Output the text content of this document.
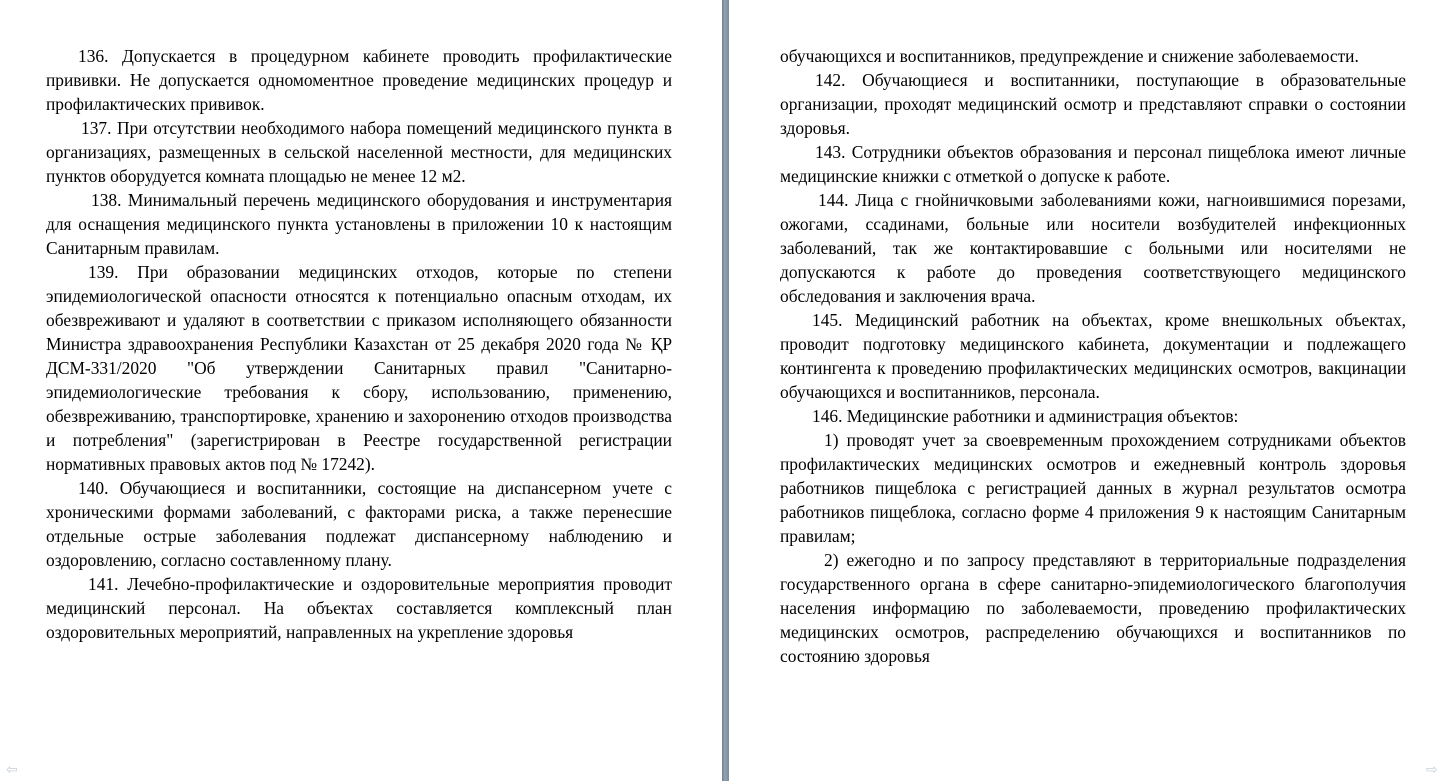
136. Допускается в процедурном кабинете проводить профилактические прививки. Не допускается одномоментное проведение медицинских процедур и профилактических прививок.

137. При отсутствии необходимого набора помещений медицинского пункта в организациях, размещенных в сельской населенной местности, для медицинских пунктов оборудуется комната площадью не менее 12 м2.

138. Минимальный перечень медицинского оборудования и инструментария для оснащения медицинского пункта установлены в приложении 10 к настоящим Санитарным правилам.

139. При образовании медицинских отходов, которые по степени эпидемиологической опасности относятся к потенциально опасным отходам, их обезвреживают и удаляют в соответствии с приказом исполняющего обязанности Министра здравоохранения Республики Казахстан от 25 декабря 2020 года № ҚР ДСМ-331/2020 "Об утверждении Санитарных правил "Санитарно-эпидемиологические требования к сбору, использованию, применению, обезвреживанию, транспортировке, хранению и захоронению отходов производства и потребления" (зарегистрирован в Реестре государственной регистрации нормативных правовых актов под № 17242).

140. Обучающиеся и воспитанники, состоящие на диспансерном учете с хроническими формами заболеваний, с факторами риска, а также перенесшие отдельные острые заболевания подлежат диспансерному наблюдению и оздоровлению, согласно составленному плану.

141. Лечебно-профилактические и оздоровительные мероприятия проводит медицинский персонал. На объектах составляется комплексный план оздоровительных мероприятий, направленных на укрепление здоровья

⇦

обучающихся и воспитанников, предупреждение и снижение заболеваемости.

142. Обучающиеся и воспитанники, поступающие в образовательные организации, проходят медицинский осмотр и представляют справки о состоянии здоровья.

143. Сотрудники объектов образования и персонал пищеблока имеют личные медицинские книжки с отметкой о допуске к работе.

144. Лица с гнойничковыми заболеваниями кожи, нагноившимися порезами, ожогами, ссадинами, больные или носители возбудителей инфекционных заболеваний, так же контактировавшие с больными или носителями не допускаются к работе до проведения соответствующего медицинского обследования и заключения врача.

145. Медицинский работник на объектах, кроме внешкольных объектах, проводит подготовку медицинского кабинета, документации и подлежащего контингента к проведению профилактических медицинских осмотров, вакцинации обучающихся и воспитанников, персонала.

146. Медицинские работники и администрация объектов:

1) проводят учет за своевременным прохождением сотрудниками объектов профилактических медицинских осмотров и ежедневный контроль здоровья работников пищеблока с регистрацией данных в журнал результатов осмотра работников пищеблока, согласно форме 4 приложения 9 к настоящим Санитарным правилам;

2) ежегодно и по запросу представляют в территориальные подразделения государственного органа в сфере санитарно-эпидемиологического благополучия населения информацию по заболеваемости, проведению профилактических медицинских осмотров, распределению обучающихся и воспитанников по состоянию здоровья

⇨
